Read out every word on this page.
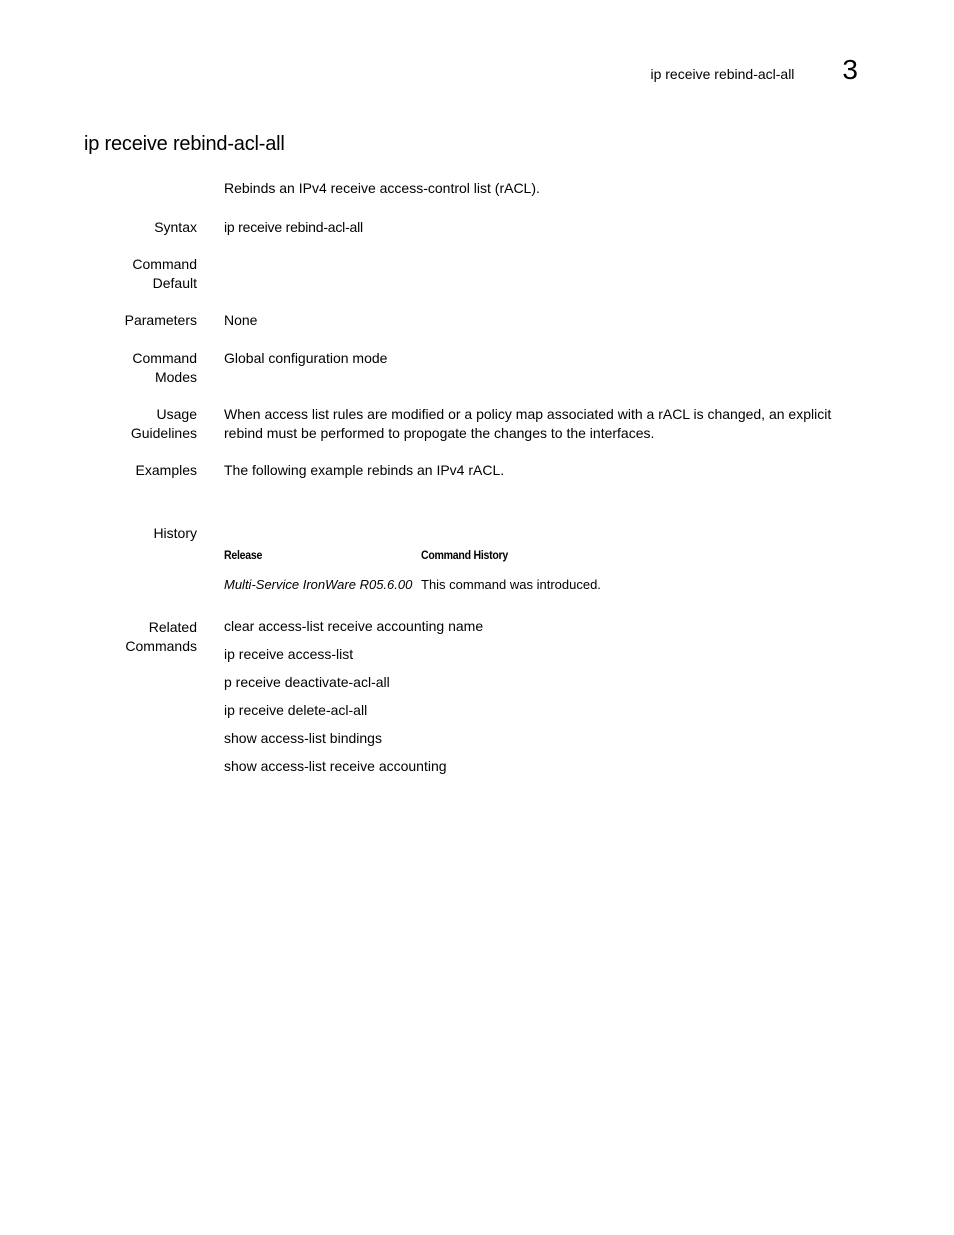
ip receive rebind-acl-all 3
ip receive rebind-acl-all
Rebinds an IPv4 receive access-control list (rACL).
Syntax ip receive rebind-acl-all
Command
Default
Parameters None
Command
Modes
Global configuration mode
Usage
Guidelines
When access list rules are modified or a policy map associated with a rACL is changed, an explicit rebind must be performed to propogate the changes to the interfaces.
Examples The following example rebinds an IPv4 rACL.
History
Release	Command History
Multi-Service IronWare R05.6.00 This command was introduced.
Related
Commands
clear access-list receive accounting name
ip receive access-list
p receive deactivate-acl-all
ip receive delete-acl-all
show access-list bindings
show access-list receive accounting
